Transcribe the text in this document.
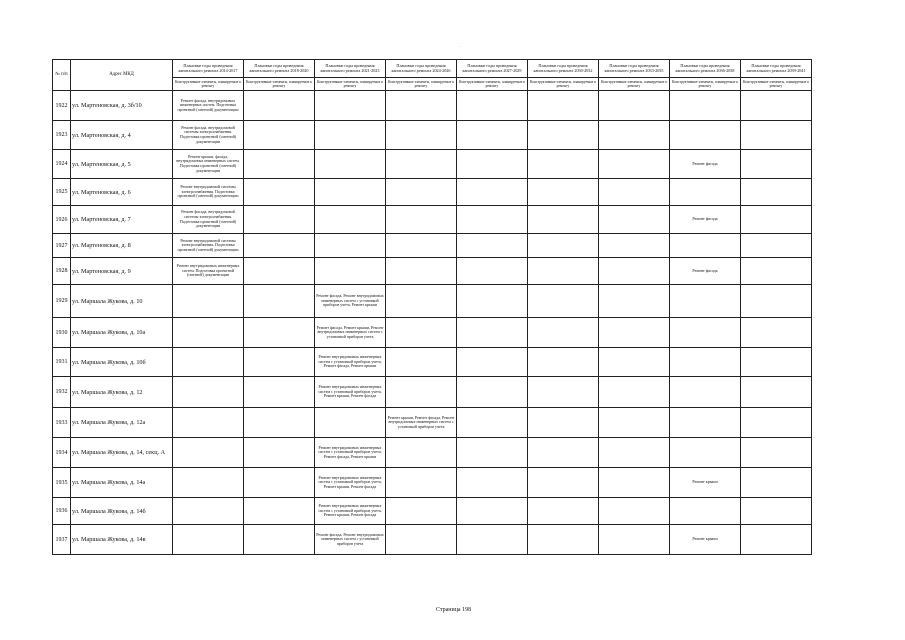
·
№ п/п	Адрес МКД	Плановые годы проведения капитального ремонта 2014-2017	Плановые годы проведения капитального ремонта 2018-2020	Плановые годы проведения капитального ремонта 2021-2023	Плановые годы проведения капитального ремонта 2024-2026	Плановые годы проведения капитального ремонта 2027-2029	Плановые годы проведения капитального ремонта 2030-2032	Плановые годы проведения капитального ремонта 2033-2035	Плановые годы проведения капитального ремонта 2036-2038	Плановые годы проведения капитального ремонта 2039-2041
		Конструктивные элементы, планируемые к ремонту	Конструктивные элементы, планируемые к ремонту	Конструктивные элементы, планируемые к ремонту	Конструктивные элементы, планируемые к ремонту	Конструктивные элементы, планируемые к ремонту	Конструктивные элементы, планируемые к ремонту	Конструктивные элементы, планируемые к ремонту	Конструктивные элементы, планируемые к ремонту	Конструктивные элементы, планируемые к ремонту
1922	ул. Мартеновская, д. 3б/10	Ремонт фасада, внутридомовых инженерных систем. Подготовка проектной (сметной) документации								
1923	ул. Мартеновская, д. 4	Ремонт фасада, внутридомовой системы электроснабжения. Подготовка проектной (сметной) документации								
1924	ул. Мартеновская, д. 5	Ремонт крыши, фасада, внутридомовых инженерных систем. Подготовка проектной (сметной) документации							Ремонт фасада	
1925	ул. Мартеновская, д. 6	Ремонт внутридомовой системы электроснабжения. Подготовка проектной (сметной) документации								
1926	ул. Мартеновская, д. 7	Ремонт фасада, внутридомовой системы электроснабжения. Подготовка проектной (сметной) документации							Ремонт фасада	
1927	ул. Мартеновская, д. 8	Ремонт внутридомовой системы электроснабжения. Подготовка проектной (сметной) документации								
1928	ул. Мартеновская, д. 9	Ремонт внутридомовых инженерных систем. Подготовка проектной (сметной) документации							Ремонт фасада	
1929	ул. Маршала Жукова, д. 10			Ремонт фасада, Ремонт внутридомовых инженерных систем с установкой приборов учета, Ремонт крыши						
1930	ул. Маршала Жукова, д. 10а			Ремонт фасада, Ремонт крыши, Ремонт внутридомовых инженерных систем с установкой приборов учета						
1931	ул. Маршала Жукова, д. 10б			Ремонт внутридомовых инженерных систем с установкой приборов учета, Ремонт фасада, Ремонт крыши						
1932	ул. Маршала Жукова, д. 12			Ремонт внутридомовых инженерных систем с установкой приборов учета, Ремонт крыши, Ремонт фасада						
1933	ул. Маршала Жукова, д. 12а				Ремонт крыши, Ремонт фасада, Ремонт внутридомовых инженерных систем с установкой приборов учета					
1934	ул. Маршала Жукова, д. 14, секц. А			Ремонт внутридомовых инженерных систем с установкой приборов учета, Ремонт фасада, Ремонт крыши						
1935	ул. Маршала Жукова, д. 14а			Ремонт внутридомовых инженерных систем с установкой приборов учета, Ремонт крыши, Ремонт фасада					Ремонт крыши	
1936	ул. Маршала Жукова, д. 14б			Ремонт внутридомовых инженерных систем с установкой приборов учета, Ремонт крыши, Ремонт фасада						
1937	ул. Маршала Жукова, д. 14в			Ремонт фасада, Ремонт внутридомовых инженерных систем с установкой приборов учета					Ремонт крыши	
Страница 198
